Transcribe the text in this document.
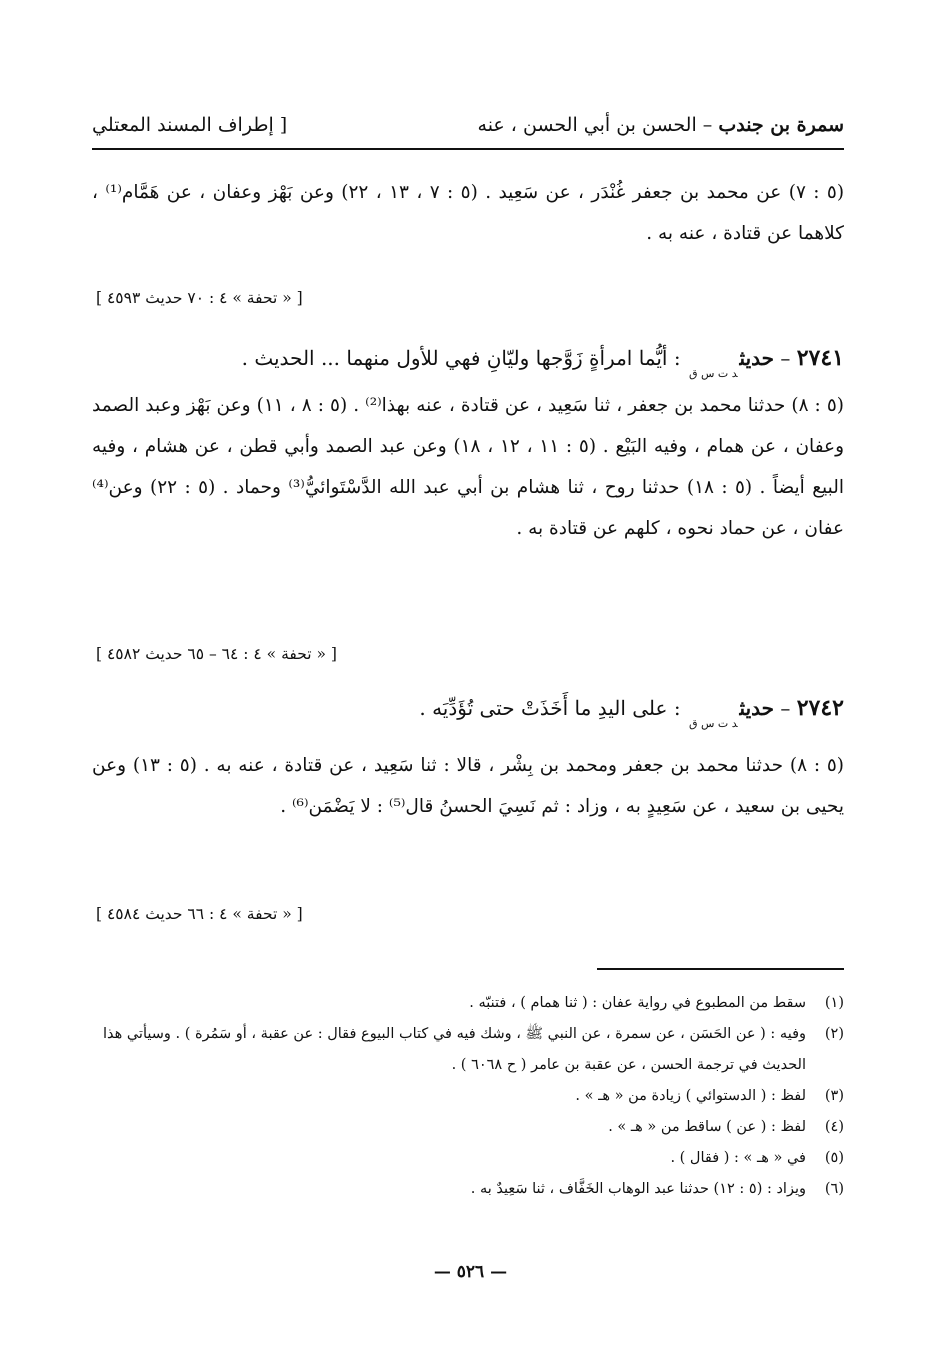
سمرة بن جندب – الحسن بن أبي الحسن ، عنه
[ إطراف المسند المعتلي

(٥ : ٧) عن محمد بن جعفر غُنْدَر ، عن سَعِيد . (٥ : ٧ ، ١٣ ، ٢٢) وعن بَهْز وعفان ، عن هَمَّام⁽¹⁾ ، كلاهما عن قتادة ، عنه به .

[ « تحفة » ٤ : ٧٠ حديث ٤٥٩٣ ]

٢٧٤١ – حديث$_{د ت س ق}$ : أيُّما امرأةٍ زَوَّجها وليّانِ فهي للأول منهما ... الحديث .

(٥ : ٨) حدثنا محمد بن جعفر ، ثنا سَعِيد ، عن قتادة ، عنه بهذا⁽²⁾ . (٥ : ٨ ، ١١) وعن بَهْز وعبد الصمد وعفان ، عن همام ، وفيه البَيْع . (٥ : ١١ ، ١٢ ، ١٨) وعن عبد الصمد وأبي قطن ، عن هشام ، وفيه البيع أيضاً . (٥ : ١٨) حدثنا روح ، ثنا هشام بن أبي عبد الله الدَّسْتَوائيُّ⁽³⁾ وحماد . (٥ : ٢٢) وعن⁽⁴⁾ عفان ، عن حماد نحوه ، كلهم عن قتادة به .

[ « تحفة » ٤ : ٦٤ – ٦٥ حديث ٤٥٨٢ ]

٢٧٤٢ – حديث$_{د ت س ق}$ : على اليدِ ما أَخَذَتْ حتى تُؤَدِّيَه .

(٥ : ٨) حدثنا محمد بن جعفر ومحمد بن بِشْر ، قالا : ثنا سَعِيد ، عن قتادة ، عنه به . (٥ : ١٣) وعن يحيى بن سعيد ، عن سَعِيدٍ به ، وزاد : ثم نَسِيَ الحسنُ قال⁽⁵⁾ : لا يَضْمَن⁽⁶⁾ .

[ « تحفة » ٤ : ٦٦ حديث ٤٥٨٤ ]
(١)
سقط من المطبوع في رواية عفان : ( ثنا همام ) ، فتنبّه .
(٢)
وفيه : ( عن الحَسَن ، عن سمرة ، عن النبي ﷺ ، وشك فيه في كتاب البيوع فقال : عن عقبة ، أو سَمُرة ) . وسيأتي هذا الحديث في ترجمة الحسن ، عن عقبة بن عامر ( ح ٦٠٦٨ ) .
(٣)
لفظ : ( الدستوائي ) زيادة من « هـ » .
(٤)
لفظ : ( عن ) ساقط من « هـ » .
(٥)
في « هـ » : ( فقال ) .
(٦)
ويزاد : (٥ : ١٢) حدثنا عبد الوهاب الخَفَّاف ، ثنا سَعِيدٌ به .
— ٥٢٦ —
